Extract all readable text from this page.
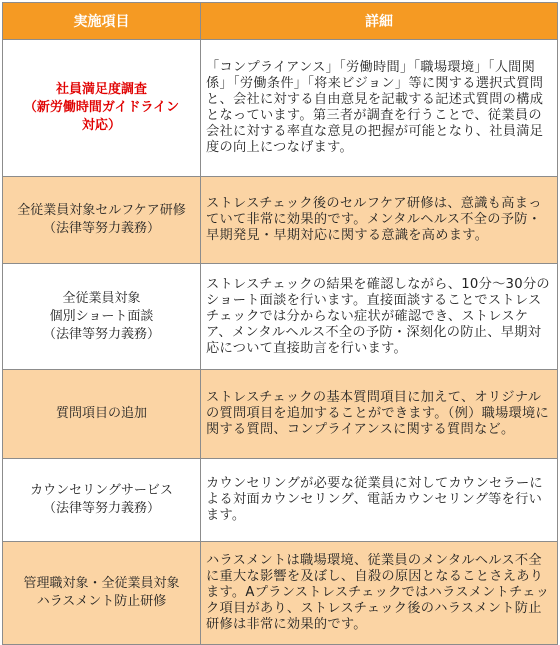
実施項目	詳細
社員満足度調査
（新労働時間ガイドライン
対応）	「コンプライアンス」「労働時間」「職場環境」「人間関係」「労働条件」「将来ビジョン」等に関する選択式質問と、会社に対する自由意見を記載する記述式質問の構成となっています。第三者が調査を行うことで、従業員の会社に対する率直な意見の把握が可能となり、社員満足度の向上につなげます。
全従業員対象セルフケア研修
（法律等努力義務）	ストレスチェック後のセルフケア研修は、意識も高まっていて非常に効果的です。メンタルヘルス不全の予防・早期発見・早期対応に関する意識を高めます。
全従業員対象
個別ショート面談
（法律等努力義務）	ストレスチェックの結果を確認しながら、10分～30分のショート面談を行います。直接面談することでストレスチェックでは分からない症状が確認でき、ストレスケア、メンタルヘルス不全の予防・深刻化の防止、早期対応について直接助言を行います。
質問項目の追加	ストレスチェックの基本質問項目に加えて、オリジナルの質問項目を追加することができます。（例）職場環境に関する質問、コンプライアンスに関する質問など。
カウンセリングサービス
（法律等努力義務）	カウンセリングが必要な従業員に対してカウンセラーによる対面カウンセリング、電話カウンセリング等を行います。
管理職対象・全従業員対象
ハラスメント防止研修	ハラスメントは職場環境、従業員のメンタルヘルス不全に重大な影響を及ぼし、自殺の原因となることさえあります。Aプランストレスチェックではハラスメントチェック項目があり、ストレスチェック後のハラスメント防止研修は非常に効果的です。
